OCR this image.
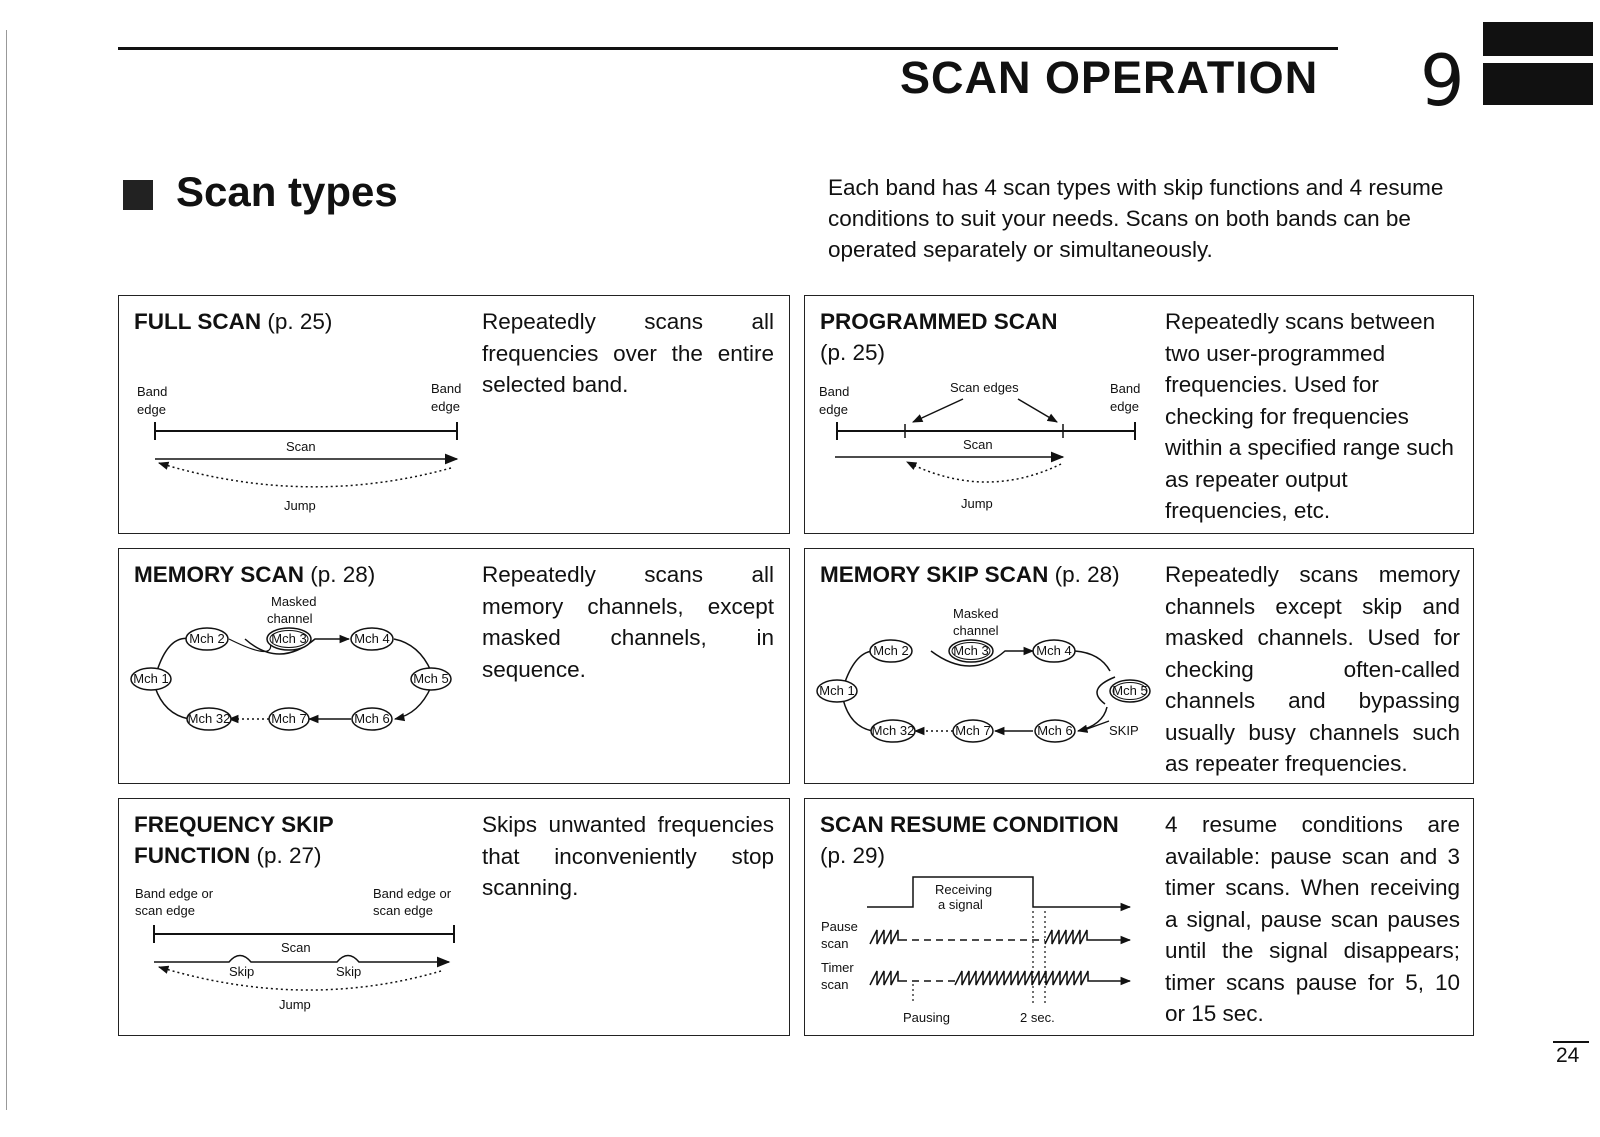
SCAN OPERATION 9
Scan types	Each band has 4 scan types with skip functions and 4 resume conditions to suit your needs. Scans on both bands can be operated separately or simultaneously.
FULL SCAN (p. 25)	Repeatedly scans all frequencies over the entire selected band.
Band
edge
Band
edge
Scan
Jump
PROGRAMMED SCAN
(p. 25)
Repeatedly scans between two user-programmed frequencies. Used for checking for frequencies within a specified range such as repeater output frequencies, etc.
Band
edge
Band
edge
Scan edges
Scan
Jump
MEMORY SCAN (p. 28)	Repeatedly scans all memory channels, except masked channels, in sequence.
Masked
channel
Mch 1
Mch 2	Mch 3	Mch 4
Mch 5
Mch 6
Mch 7
Mch 32
MEMORY SKIP SCAN (p. 28) Repeatedly scans memory channels except skip and masked channels. Used for checking often-called channels and bypassing usually busy channels such as repeater frequencies.
Masked
channel
Mch 1
Mch 2	Mch 3	Mch 4
Mch 5
Mch 6
Mch 7
Mch 32	SKIP
FREQUENCY SKIP
FUNCTION (p. 27)
Skips unwanted frequencies that inconveniently stop scanning.
Band edge or
scan edge
Band edge or
scan edge
Scan
Skip	Skip
Jump
SCAN RESUME CONDITION
(p. 29)
4 resume conditions are available: pause scan and 3 timer scans. When receiving a signal, pause scan pauses until the signal disappears; timer scans pause for 5, 10 or 15 sec.
Receiving
a signal
Pause
scan
Timer
scan
Pausing	2 sec.
24
